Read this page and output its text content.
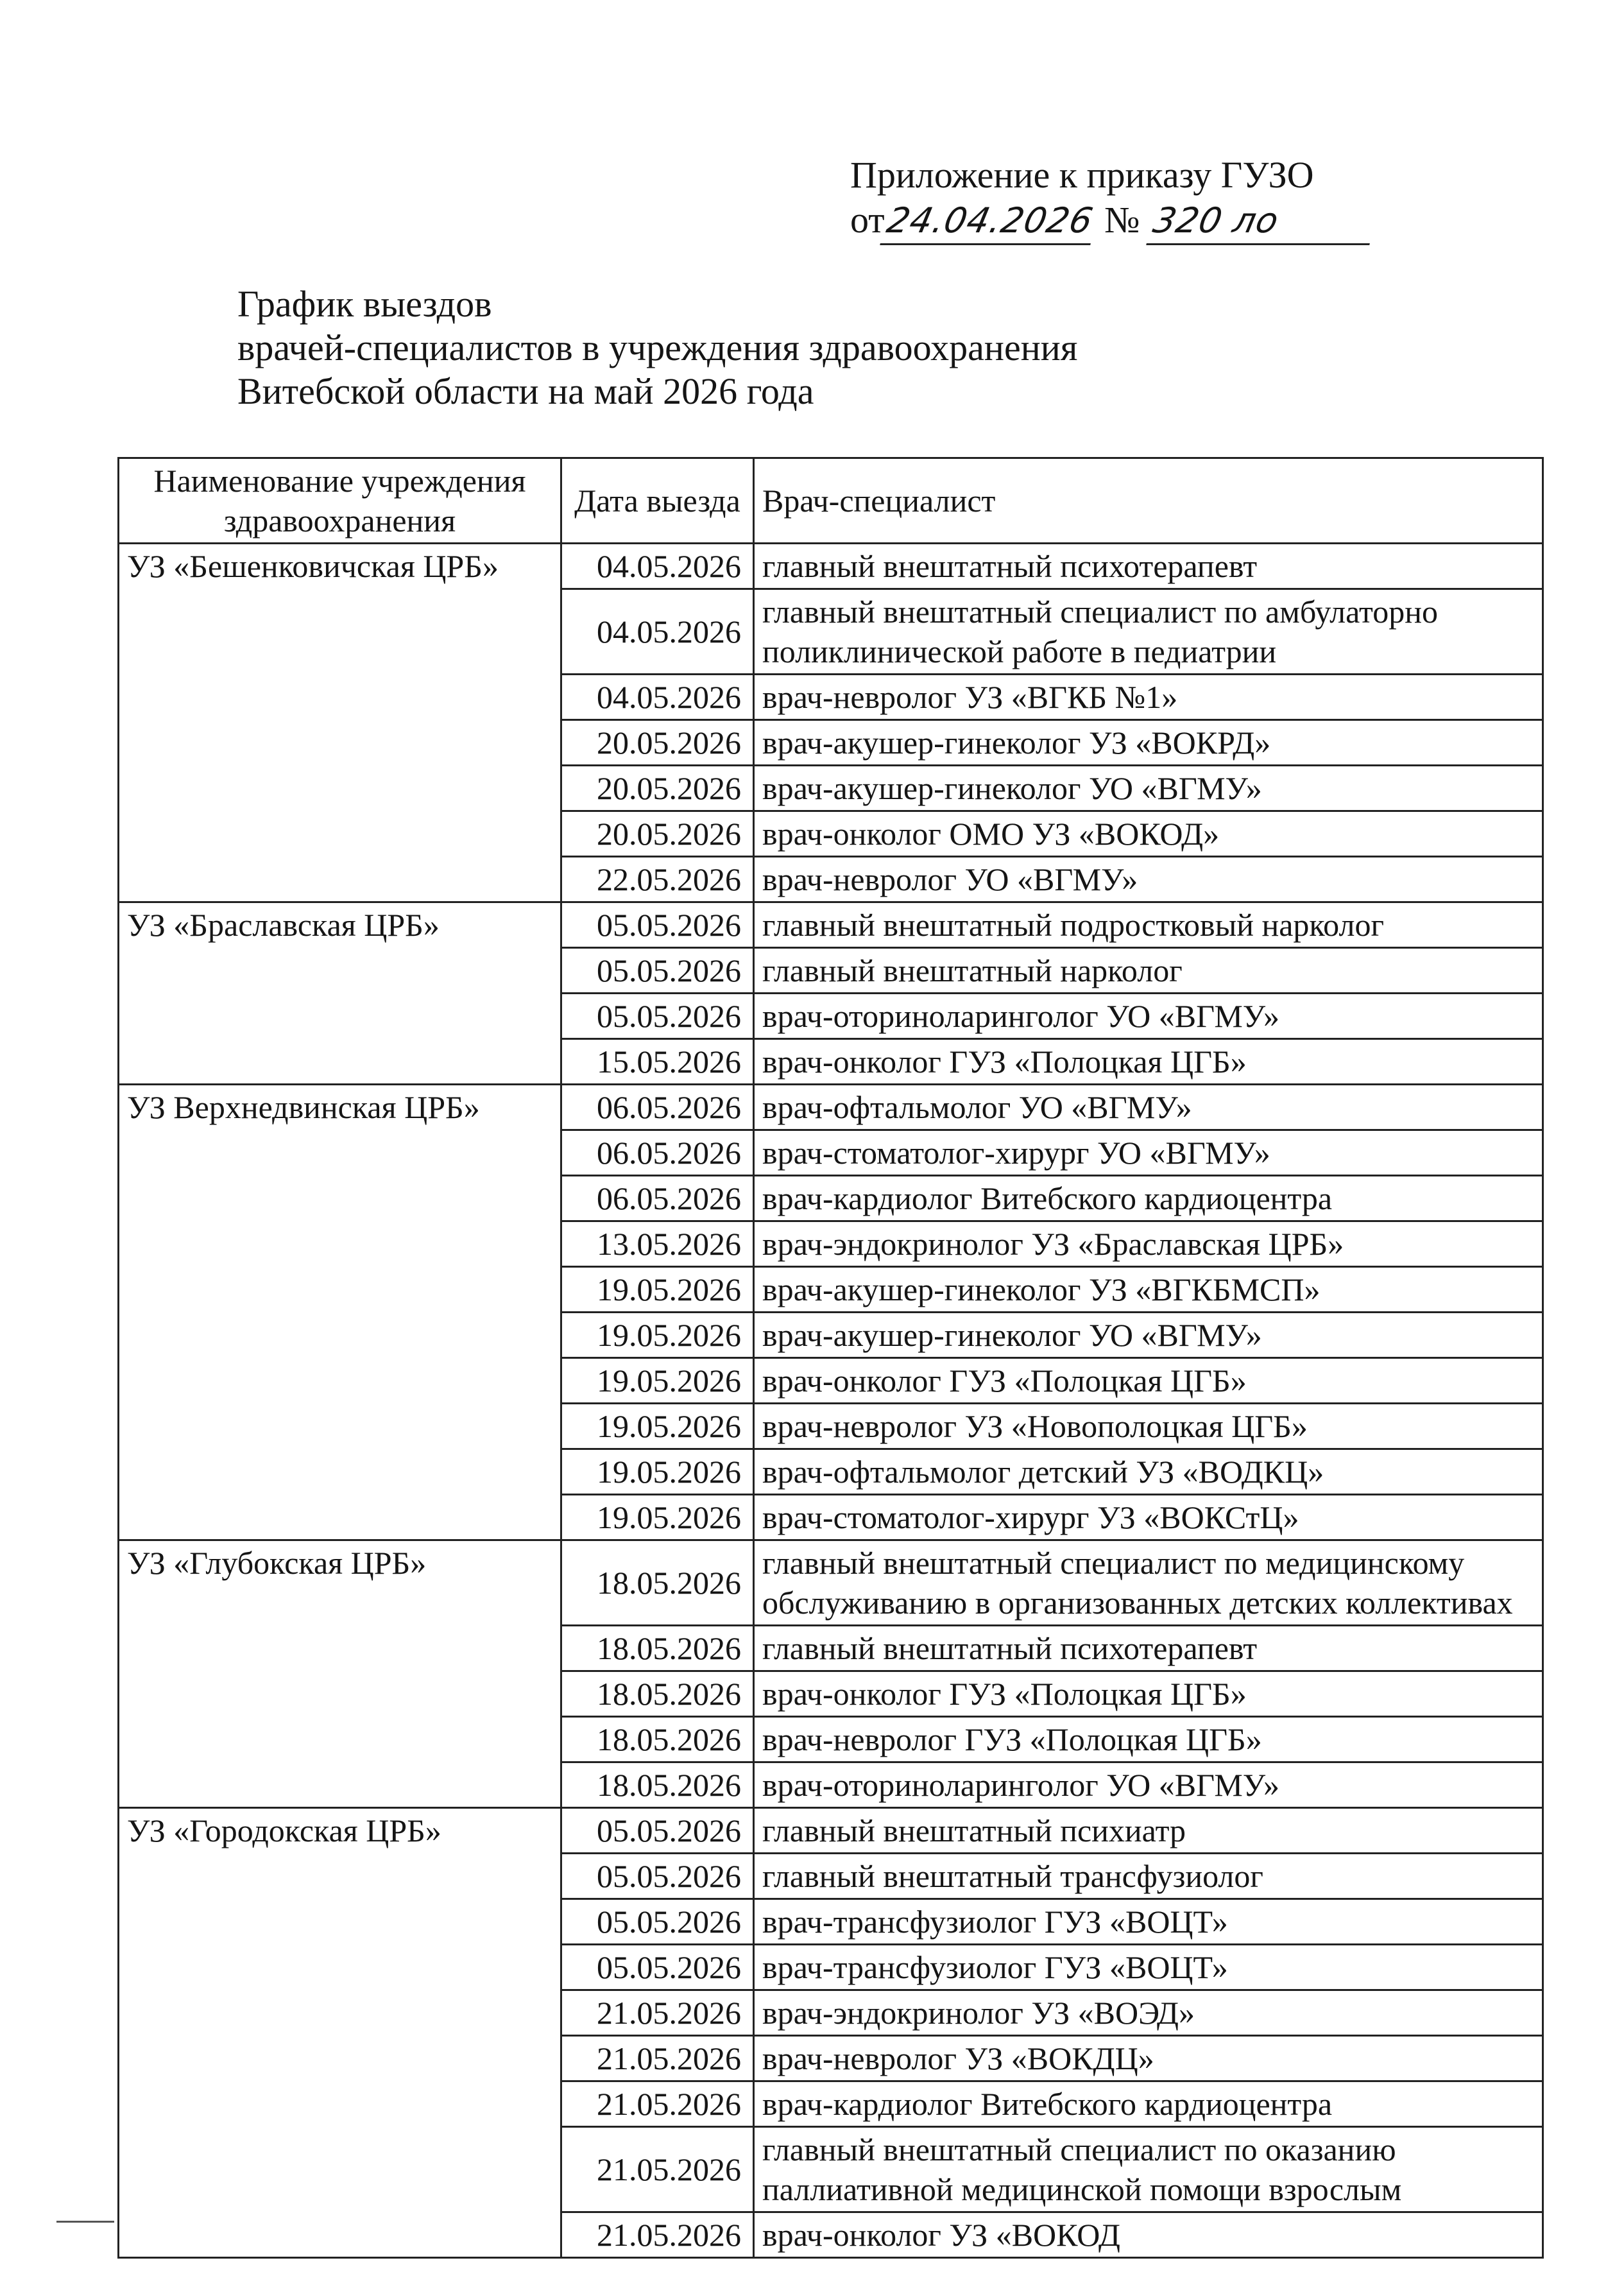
Приложение к приказу ГУЗО
от24.04.2026 № 320 ло
График выездов
врачей-специалистов в учреждения здравоохранения
Витебской области на май 2026 года
Наименование учреждения здравоохранения	Дата выезда	Врач-специалист
УЗ «Бешенковичская ЦРБ»	04.05.2026	главный внештатный психотерапевт
	04.05.2026	главный внештатный специалист по амбулаторно поликлинической работе в педиатрии
	04.05.2026	врач-невролог УЗ «ВГКБ №1»
	20.05.2026	врач-акушер-гинеколог УЗ «ВОКРД»
	20.05.2026	врач-акушер-гинеколог УО «ВГМУ»
	20.05.2026	врач-онколог ОМО УЗ «ВОКОД»
	22.05.2026	врач-невролог УО «ВГМУ»
УЗ «Браславская ЦРБ»	05.05.2026	главный внештатный подростковый нарколог
	05.05.2026	главный внештатный нарколог
	05.05.2026	врач-оториноларинголог УО «ВГМУ»
	15.05.2026	врач-онколог ГУЗ «Полоцкая ЦГБ»
УЗ Верхнедвинская ЦРБ»	06.05.2026	врач-офтальмолог УО «ВГМУ»
	06.05.2026	врач-стоматолог-хирург УО «ВГМУ»
	06.05.2026	врач-кардиолог Витебского кардиоцентра
	13.05.2026	врач-эндокринолог УЗ «Браславская ЦРБ»
	19.05.2026	врач-акушер-гинеколог УЗ «ВГКБМСП»
	19.05.2026	врач-акушер-гинеколог УО «ВГМУ»
	19.05.2026	врач-онколог ГУЗ «Полоцкая ЦГБ»
	19.05.2026	врач-невролог УЗ «Новополоцкая ЦГБ»
	19.05.2026	врач-офтальмолог детский УЗ «ВОДКЦ»
	19.05.2026	врач-стоматолог-хирург УЗ «ВОКСтЦ»
УЗ «Глубокская ЦРБ»	18.05.2026	главный внештатный специалист по медицинскому обслуживанию в организованных детских коллективах
	18.05.2026	главный внештатный психотерапевт
	18.05.2026	врач-онколог ГУЗ «Полоцкая ЦГБ»
	18.05.2026	врач-невролог ГУЗ «Полоцкая ЦГБ»
	18.05.2026	врач-оториноларинголог УО «ВГМУ»
УЗ «Городокская ЦРБ»	05.05.2026	главный внештатный психиатр
	05.05.2026	главный внештатный трансфузиолог
	05.05.2026	врач-трансфузиолог ГУЗ «ВОЦТ»
	05.05.2026	врач-трансфузиолог ГУЗ «ВОЦТ»
	21.05.2026	врач-эндокринолог УЗ «ВОЭД»
	21.05.2026	врач-невролог УЗ «ВОКДЦ»
	21.05.2026	врач-кардиолог Витебского кардиоцентра
	21.05.2026	главный внештатный специалист по оказанию паллиативной медицинской помощи взрослым
	21.05.2026	врач-онколог УЗ «ВОКОД
